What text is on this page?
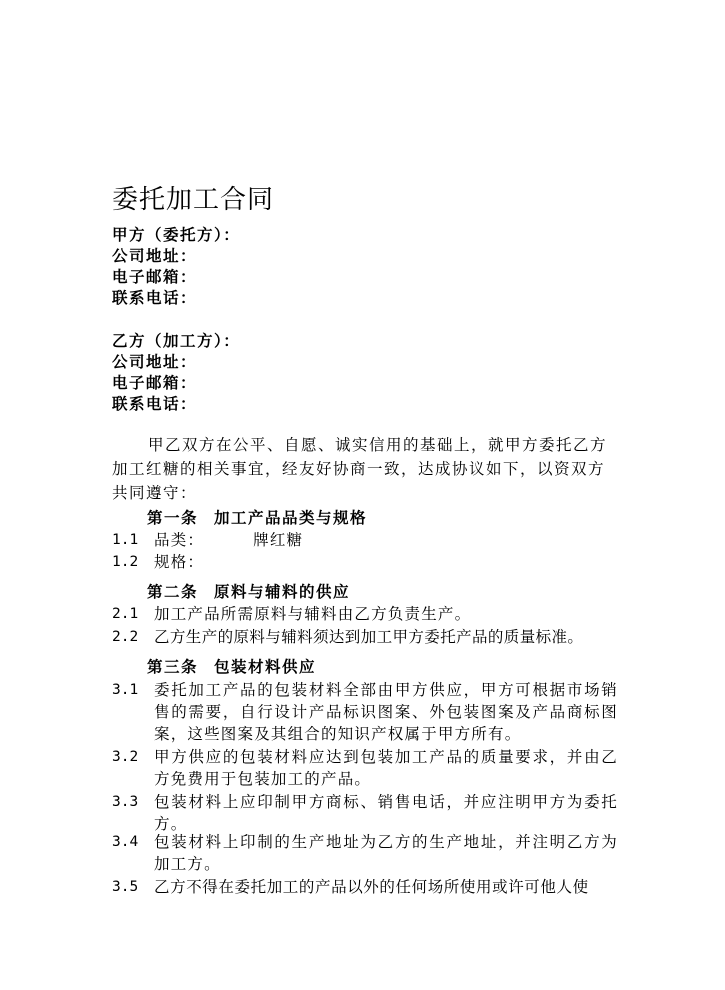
委托加工合同
甲方（委托方）：
公司地址：
电子邮箱：
联系电话：
乙方（加工方）：
公司地址：
电子邮箱：
联系电话：
甲乙双方在公平、自愿、诚实信用的基础上，就甲方委托乙方加工红糖的相关事宜，经友好协商一致，达成协议如下，以资双方共同遵守：
第一条 加工产品品类与规格
1.1	品类：        牌红糖
1.2	规格：
第二条 原料与辅料的供应
2.1	加工产品所需原料与辅料由乙方负责生产。
2.2	乙方生产的原料与辅料须达到加工甲方委托产品的质量标准。
第三条 包装材料供应
3.1	委托加工产品的包装材料全部由甲方供应，甲方可根据市场销售的需要，自行设计产品标识图案、外包装图案及产品商标图案，这些图案及其组合的知识产权属于甲方所有。
3.2	甲方供应的包装材料应达到包装加工产品的质量要求，并由乙方免费用于包装加工的产品。
3.3	包装材料上应印制甲方商标、销售电话，并应注明甲方为委托方。
3.4	包装材料上印制的生产地址为乙方的生产地址，并注明乙方为加工方。
3.5	乙方不得在委托加工的产品以外的任何场所使用或许可他人使
